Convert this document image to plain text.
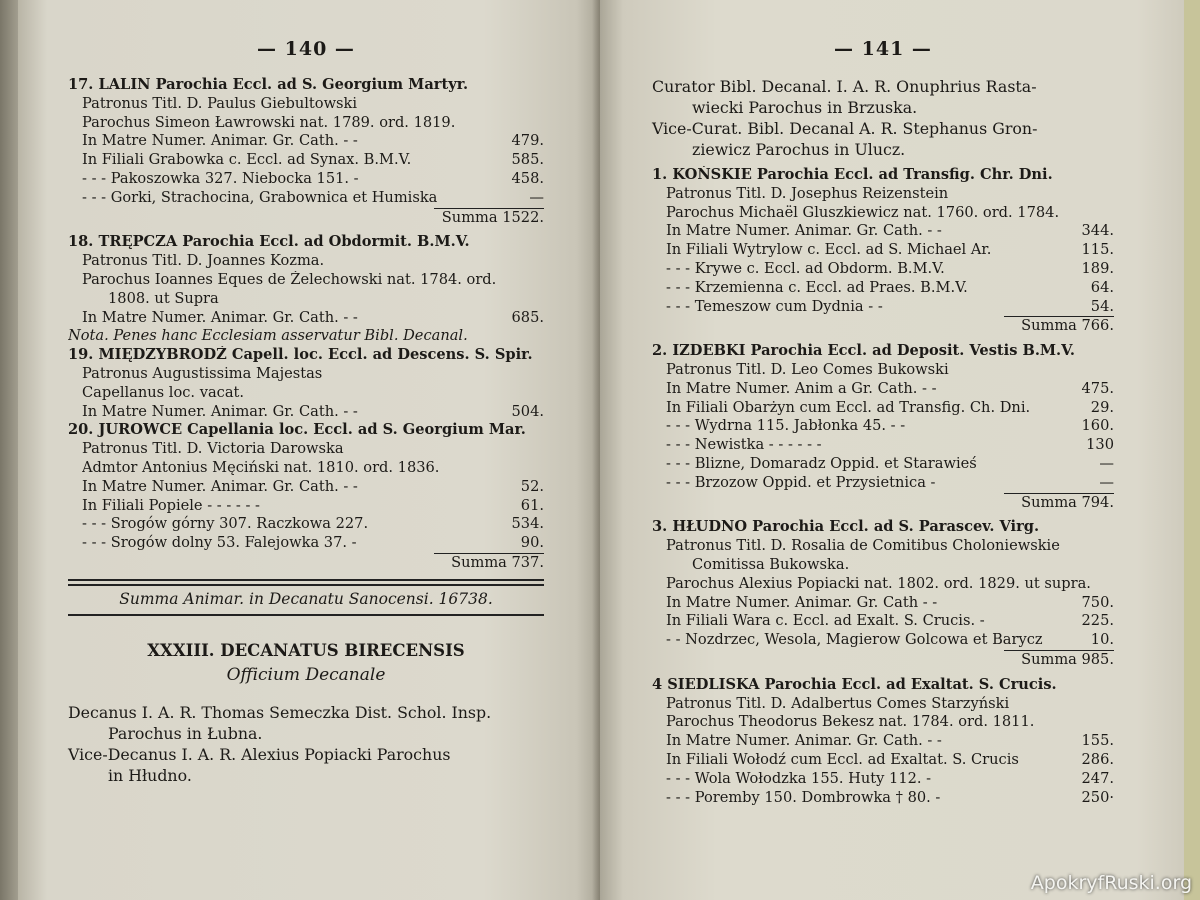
— 140 —
17. LALIN Parochia Eccl. ad S. Georgium Martyr.
Patronus Titl. D. Paulus Giebultowski
Parochus Simeon Ławrowski nat. 1789. ord. 1819.
In Matre Numer. Animar. Gr. Cath. - -	479.
In Filiali Grabowka c. Eccl. ad Synax. B.M.V.	585.
- - - Pakoszowka 327. Niebocka 151. -	458.
- - - Gorki, Strachocina, Grabownica et Humiska	—
Summa 1522.
18. TRĘPCZA Parochia Eccl. ad Obdormit. B.M.V.
Patronus Titl. D. Joannes Kozma.
Parochus Ioannes Eques de Żelechowski nat. 1784. ord.
1808. ut Supra
In Matre Numer. Animar. Gr. Cath. - -	685.
Nota. Penes hanc Ecclesiam asservatur Bibl. Decanal.
19. MIĘDZYBRODŹ Capell. loc. Eccl. ad Descens. S. Spir.
Patronus Augustissima Majestas
Capellanus loc. vacat.
In Matre Numer. Animar. Gr. Cath. - -	504.
20. JUROWCE Capellania loc. Eccl. ad S. Georgium Mar.
Patronus Titl. D. Victoria Darowska
Admtor Antonius Męciński nat. 1810. ord. 1836.
In Matre Numer. Animar. Gr. Cath. - -	52.
In Filiali Popiele - - - - - -	61.
- - - Srogów górny 307. Raczkowa 227.	534.
- - - Srogów dolny 53. Falejowka 37. -	90.
Summa 737.
Summa Animar. in Decanatu Sanocensi. 16738.
XXXIII. DECANATUS BIRECENSIS
Officium Decanale
Decanus I. A. R. Thomas Semeczka Dist. Schol. Insp.
Parochus in Łubna.
Vice-Decanus I. A. R. Alexius Popiacki Parochus
in Hłudno.
— 141 —
Curator Bibl. Decanal. I. A. R. Onuphrius Rasta-
wiecki Parochus in Brzuska.
Vice-Curat. Bibl. Decanal A. R. Stephanus Gron-
ziewicz Parochus in Ulucz.
1. KOŃSKIE Parochia Eccl. ad Transfig. Chr. Dni.
Patronus Titl. D. Josephus Reizenstein
Parochus Michaël Gluszkiewicz nat. 1760. ord. 1784.
In Matre Numer. Animar. Gr. Cath. - -	344.
In Filiali Wytrylow c. Eccl. ad S. Michael Ar.	115.
- - - Krywe c. Eccl. ad Obdorm. B.M.V.	189.
- - - Krzemienna c. Eccl. ad Praes. B.M.V.	64.
- - - Temeszow cum Dydnia - -	54.
Summa 766.
2. IZDEBKI Parochia Eccl. ad Deposit. Vestis B.M.V.
Patronus Titl. D. Leo Comes Bukowski
In Matre Numer. Anim a Gr. Cath. - -	475.
In Filiali Obarżyn cum Eccl. ad Transfig. Ch. Dni.	29.
- - - Wydrna 115. Jabłonka 45. - -	160.
- - - Newistka - - - - - -	130
- - - Blizne, Domaradz Oppid. et Starawieś	—
- - - Brzozow Oppid. et Przysietnica -	—
Summa 794.
3. HŁUDNO Parochia Eccl. ad S. Parascev. Virg.
Patronus Titl. D. Rosalia de Comitibus Choloniewskie
Comitissa Bukowska.
Parochus Alexius Popiacki nat. 1802. ord. 1829. ut supra.
In Matre Numer. Animar. Gr. Cath - -	750.
In Filiali Wara c. Eccl. ad Exalt. S. Crucis. -	225.
- - Nozdrzec, Wesola, Magierow Golcowa et Barycz	10.
Summa 985.
4 SIEDLISKA Parochia Eccl. ad Exaltat. S. Crucis.
Patronus Titl. D. Adalbertus Comes Starzyński
Parochus Theodorus Bekesz nat. 1784. ord. 1811.
In Matre Numer. Animar. Gr. Cath. - -	155.
In Filiali Wołodź cum Eccl. ad Exaltat. S. Crucis	286.
- - - Wola Wołodzka 155. Huty 112. -	247.
- - - Poremby 150. Dombrowka † 80. -	250·
ApokryfRuski.org
